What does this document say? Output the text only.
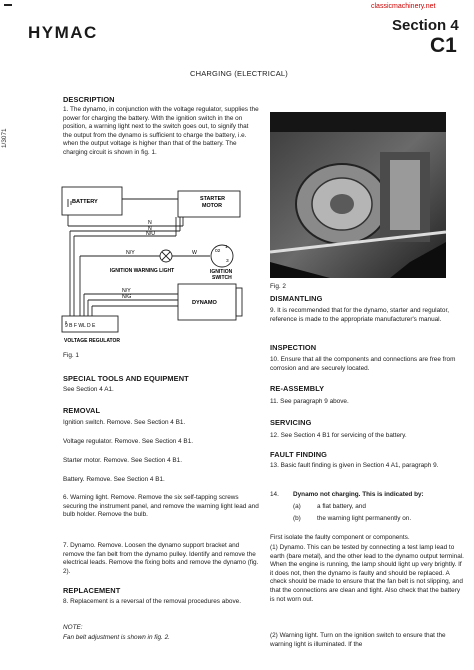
classicmachinery.net
HYMAC	Section 4
C1
1/3071
CHARGING (ELECTRICAL)
DESCRIPTION

1. The dynamo, in conjunction with the voltage regulator, supplies the power for charging the battery. With the ignition switch in the on position, a warning light next to the switch goes out, to signify that the output from the dynamo is sufficient to charge the battery, i.e. when the output voltage is higher than that of the battery. The charging circuit is shown in fig. 1.

BATTERY	STARTER
MOTOR
N
N
N/U
N/Y	W	02
1
3
IGNITION WARNING LIGHT	IGNITION
SWITCH
N/Y
N/G
DYNAMO
9 B F WL D E
VOLTAGE REGULATOR
Fig. 1
SPECIAL TOOLS AND EQUIPMENT
See Section 4 A1.
REMOVAL
Ignition switch. Remove. See Section 4 B1.
Voltage regulator. Remove. See Section 4 B1.
Starter motor. Remove. See Section 4 B1.
Battery. Remove. See Section 4 B1.

6. Warning light. Remove. Remove the six self-tapping screws securing the instrument panel, and remove the warning light lead and bulb holder. Remove the bulb.

7. Dynamo. Remove. Loosen the dynamo support bracket and remove the fan belt from the dynamo pulley. Identify and remove the electrical leads. Remove the fixing bolts and remove the dynamo (fig. 2).

REPLACEMENT

8. Replacement is a reversal of the removal procedures above.

NOTE:
Fan belt adjustment is shown in fig. 2.
Fig. 2
DISMANTLING

9. It is recommended that for the dynamo, starter and regulator, reference is made to the appropriate manufacturer's manual.

INSPECTION

10. Ensure that all the components and connections are free from corrosion and are securely located.

RE-ASSEMBLY
11. See paragraph 9 above.
SERVICING
12. See Section 4 B1 for servicing of the battery.
FAULT FINDING

13. Basic fault finding is given in Section 4 A1, paragraph 9.

14. Dynamo not charging. This is indicated by:
(a)	a flat battery, and
(b)	the warning light permanently on.
First isolate the faulty component or components.

(1) Dynamo. This can be tested by connecting a test lamp lead to earth (bare metal), and the other lead to the dynamo output terminal. When the engine is running, the lamp should light up very brightly. If it does not, then the dynamo is faulty and should be replaced. A check should be made to ensure that the fan belt is not slipping, and that the connections are clean and tight. Also check that the battery is not worn out.

(2) Warning light. Turn on the ignition switch to ensure that the warning light is illuminated. If the
